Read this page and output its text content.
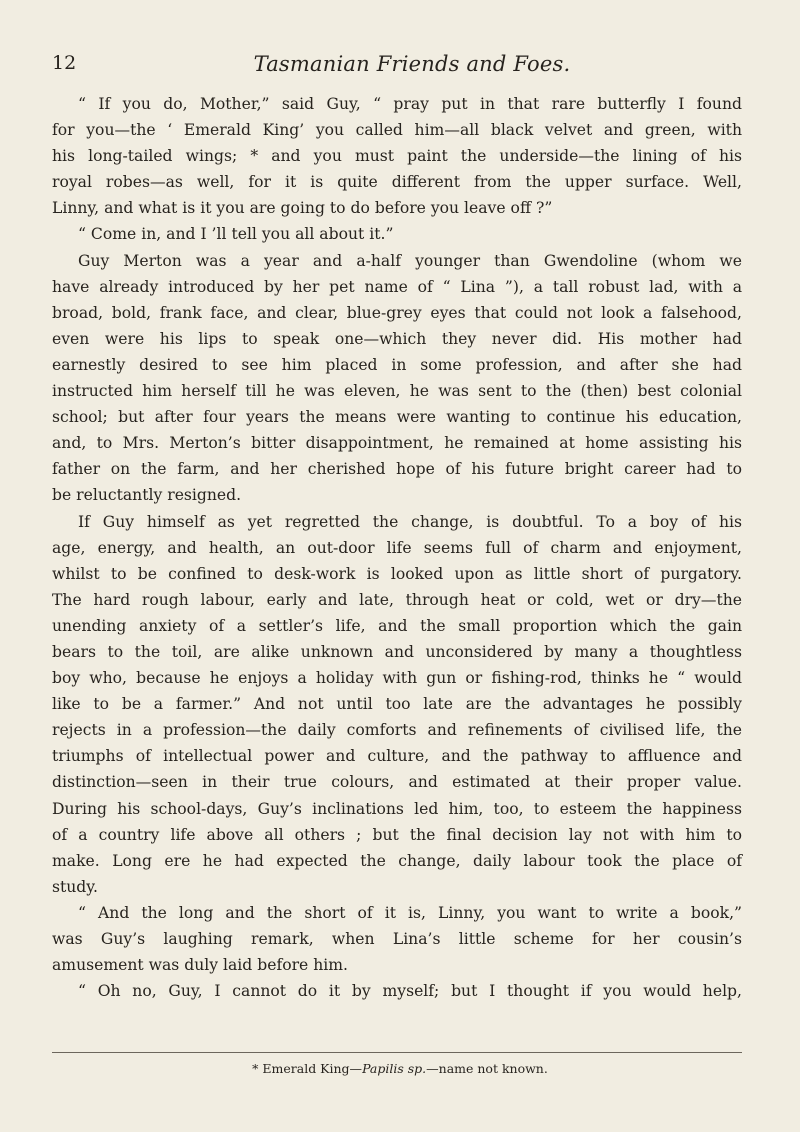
12	Tasmanian Friends and Foes.
“ If you do, Mother,” said Guy, “ pray put in that rare butterfly I found
for you—the ‘ Emerald King’ you called him—all black velvet and green, with
his long-tailed wings; * and you must paint the underside—the lining of his
royal robes—as well, for it is quite different from the upper surface. Well,
Linny, and what is it you are going to do before you leave off ?”
“ Come in, and I ’ll tell you all about it.”
Guy Merton was a year and a-half younger than Gwendoline (whom we
have already introduced by her pet name of “ Lina ”), a tall robust lad, with a
broad, bold, frank face, and clear, blue-grey eyes that could not look a falsehood,
even were his lips to speak one—which they never did. His mother had
earnestly desired to see him placed in some profession, and after she had
instructed him herself till he was eleven, he was sent to the (then) best colonial
school; but after four years the means were wanting to continue his education,
and, to Mrs. Merton’s bitter disappointment, he remained at home assisting his
father on the farm, and her cherished hope of his future bright career had to
be reluctantly resigned.
If Guy himself as yet regretted the change, is doubtful. To a boy of his
age, energy, and health, an out-door life seems full of charm and enjoyment,
whilst to be confined to desk-work is looked upon as little short of purgatory.
The hard rough labour, early and late, through heat or cold, wet or dry—the
unending anxiety of a settler’s life, and the small proportion which the gain
bears to the toil, are alike unknown and unconsidered by many a thoughtless
boy who, because he enjoys a holiday with gun or fishing-rod, thinks he “ would
like to be a farmer.” And not until too late are the advantages he possibly
rejects in a profession—the daily comforts and refinements of civilised life, the
triumphs of intellectual power and culture, and the pathway to affluence and
distinction—seen in their true colours, and estimated at their proper value.
During his school-days, Guy’s inclinations led him, too, to esteem the happiness
of a country life above all others ; but the final decision lay not with him to
make. Long ere he had expected the change, daily labour took the place of
study.
“ And the long and the short of it is, Linny, you want to write a book,”
was Guy’s laughing remark, when Lina’s little scheme for her cousin’s
amusement was duly laid before him.
“ Oh no, Guy, I cannot do it by myself; but I thought if you would help,
* Emerald King—Papilis sp.—name not known.
